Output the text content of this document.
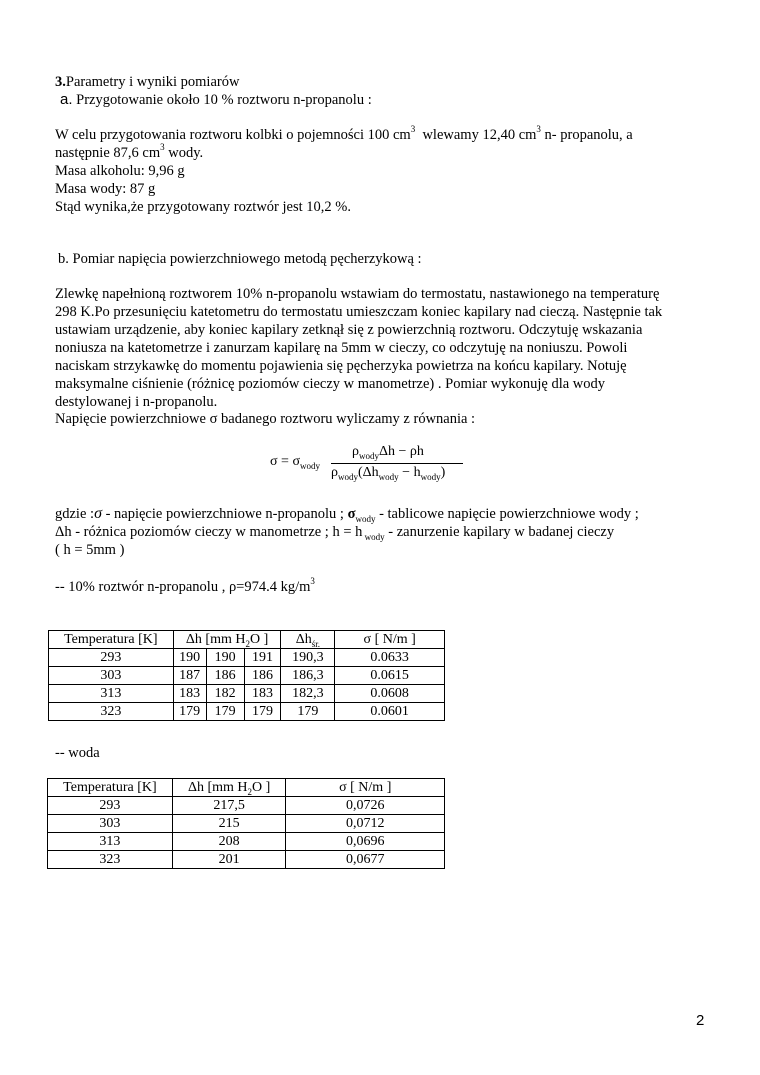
3.Parametry i wyniki pomiarów
a. Przygotowanie około 10 % roztworu n-propanolu :
W celu przygotowania roztworu kolbki o pojemności 100 $cm^3$ wlewamy 12,40 $cm^3$ n- propanolu, a
następnie 87,6 $cm^3$ wody.
Masa alkoholu: 9,96 g
Masa wody: 87 g
Stąd wynika,że przygotowany roztwór jest 10,2 %.
b. Pomiar napięcia powierzchniowego metodą pęcherzykową :
Zlewkę napełnioną roztworem 10% n-propanolu wstawiam do termostatu, nastawionego na temperaturę
298 K.Po przesunięciu katetometru do termostatu umieszczam koniec kapilary nad cieczą. Następnie tak
ustawiam urządzenie, aby koniec kapilary zetknął się z powierzchnią roztworu. Odczytuję wskazania
noniusza na katetometrze i zanurzam kapilarę na 5mm w cieczy, co odczytuję na noniuszu. Powoli
naciskam strzykawkę do momentu pojawienia się pęcherzyka powietrza na końcu kapilary. Notuję
maksymalne ciśnienie (różnicę poziomów cieczy w manometrze) . Pomiar wykonuję dla wody
destylowanej i n-propanolu.
Napięcie powierzchniowe σ badanego roztworu wyliczamy z równania :
$\sigma = \sigma_{wody}$
$\rho_{wody}\Delta h - \rho h$
$\rho_{wody}(\Delta h_{wody} - h_{wody})$
gdzie :σ - napięcie powierzchniowe n-propanolu ; $\sigma_{wody}$ - tablicowe napięcie powierzchniowe wody ;
Δh - różnica poziomów cieczy w manometrze ; h = h $_{wody}$ - zanurzenie kapilary w badanej cieczy
( h = 5mm )
-- 10% roztwór n-propanolu , ρ=974.4 $kg/m^3$
Temperatura [K]	Δh [mm $H_2O$ ]			$\Delta h_{śr.}$	σ [ N/m ]
293	190	190	191	190,3	0.0633
303	187	186	186	186,3	0.0615
313	183	182	183	182,3	0.0608
323	179	179	179	179	0.0601
-- woda
Temperatura [K]	Δh [mm $H_2O$ ]	σ [ N/m ]
293	217,5	0,0726
303	215	0,0712
313	208	0,0696
323	201	0,0677
2
